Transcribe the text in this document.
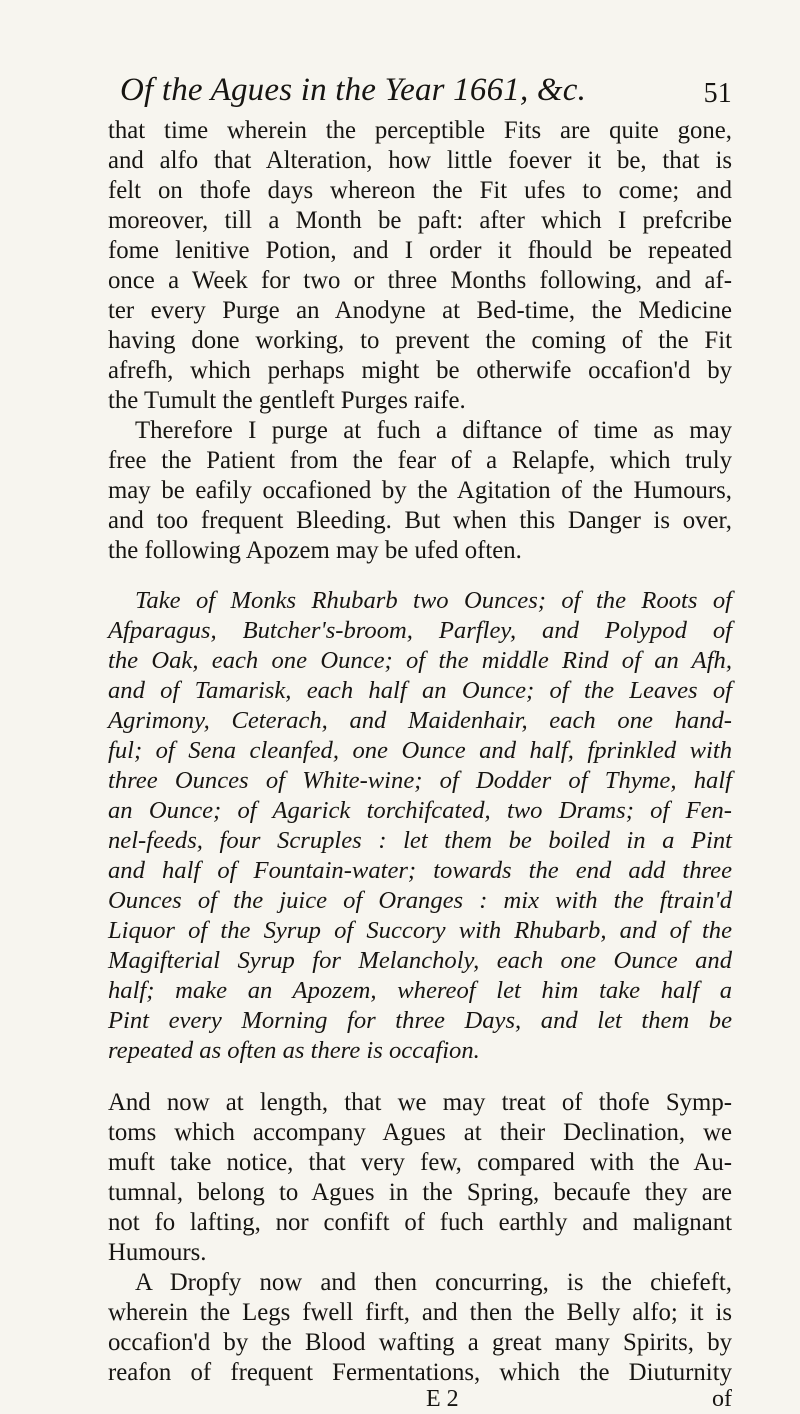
Of the Agues in the Year 1661, &c.	51
that time wherein the perceptible Fits are quite gone,
and alfo that Alteration, how little foever it be, that is
felt on thofe days whereon the Fit ufes to come; and
moreover, till a Month be paft: after which I prefcribe
fome lenitive Potion, and I order it fhould be repeated
once a Week for two or three Months following, and af-
ter every Purge an Anodyne at Bed-time, the Medicine
having done working, to prevent the coming of the Fit
afrefh, which perhaps might be otherwife occafion'd by
the Tumult the gentleft Purges raife.
Therefore I purge at fuch a diftance of time as may
free the Patient from the fear of a Relapfe, which truly
may be eafily occafioned by the Agitation of the Humours,
and too frequent Bleeding. But when this Danger is over,
the following Apozem may be ufed often.
Take of Monks Rhubarb two Ounces; of the Roots of
Afparagus, Butcher's-broom, Parfley, and Polypod of
the Oak, each one Ounce; of the middle Rind of an Afh,
and of Tamarisk, each half an Ounce; of the Leaves of
Agrimony, Ceterach, and Maidenhair, each one hand-
ful; of Sena cleanfed, one Ounce and half, fprinkled with
three Ounces of White-wine; of Dodder of Thyme, half
an Ounce; of Agarick torchifcated, two Drams; of Fen-
nel-feeds, four Scruples : let them be boiled in a Pint
and half of Fountain-water; towards the end add three
Ounces of the juice of Oranges : mix with the ftrain'd
Liquor of the Syrup of Succory with Rhubarb, and of the
Magifterial Syrup for Melancholy, each one Ounce and
half; make an Apozem, whereof let him take half a
Pint every Morning for three Days, and let them be
repeated as often as there is occafion.
And now at length, that we may treat of thofe Symp-
toms which accompany Agues at their Declination, we
muft take notice, that very few, compared with the Au-
tumnal, belong to Agues in the Spring, becaufe they are
not fo lafting, nor confift of fuch earthly and malignant
Humours.
A Dropfy now and then concurring, is the chiefeft,
wherein the Legs fwell firft, and then the Belly alfo; it is
occafion'd by the Blood wafting a great many Spirits, by
reafon of frequent Fermentations, which the Diuturnity
E 2	of
